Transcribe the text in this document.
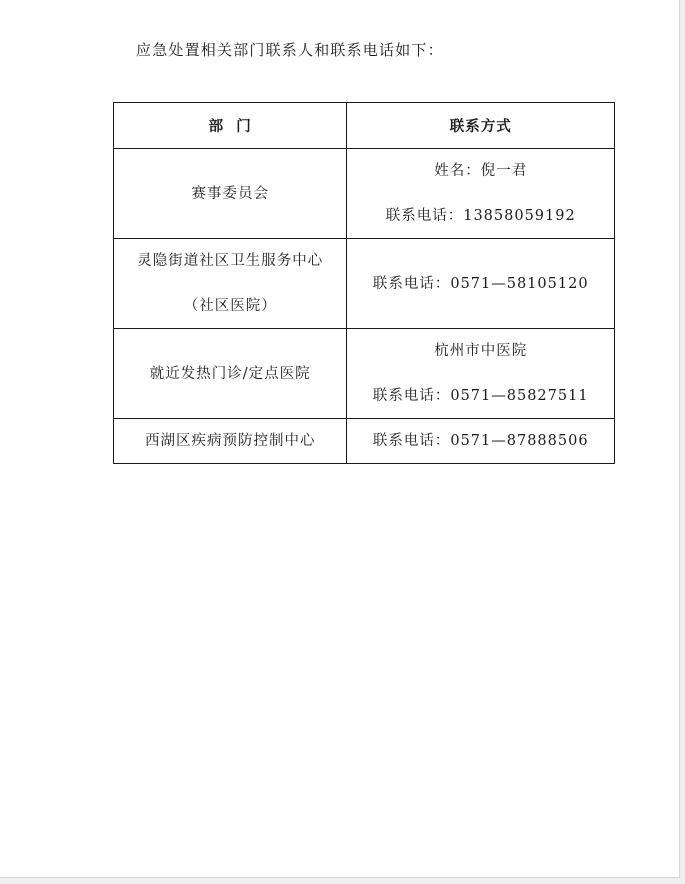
应急处置相关部门联系人和联系电话如下：
部  门	联系方式

赛事委员会	姓名：倪一君
联系电话：13858059192

灵隐街道社区卫生服务中心
（社区医院）	联系电话：0571—58105120

就近发热门诊/定点医院	杭州市中医院
联系电话：0571—85827511

西湖区疾病预防控制中心	联系电话：0571—87888506
